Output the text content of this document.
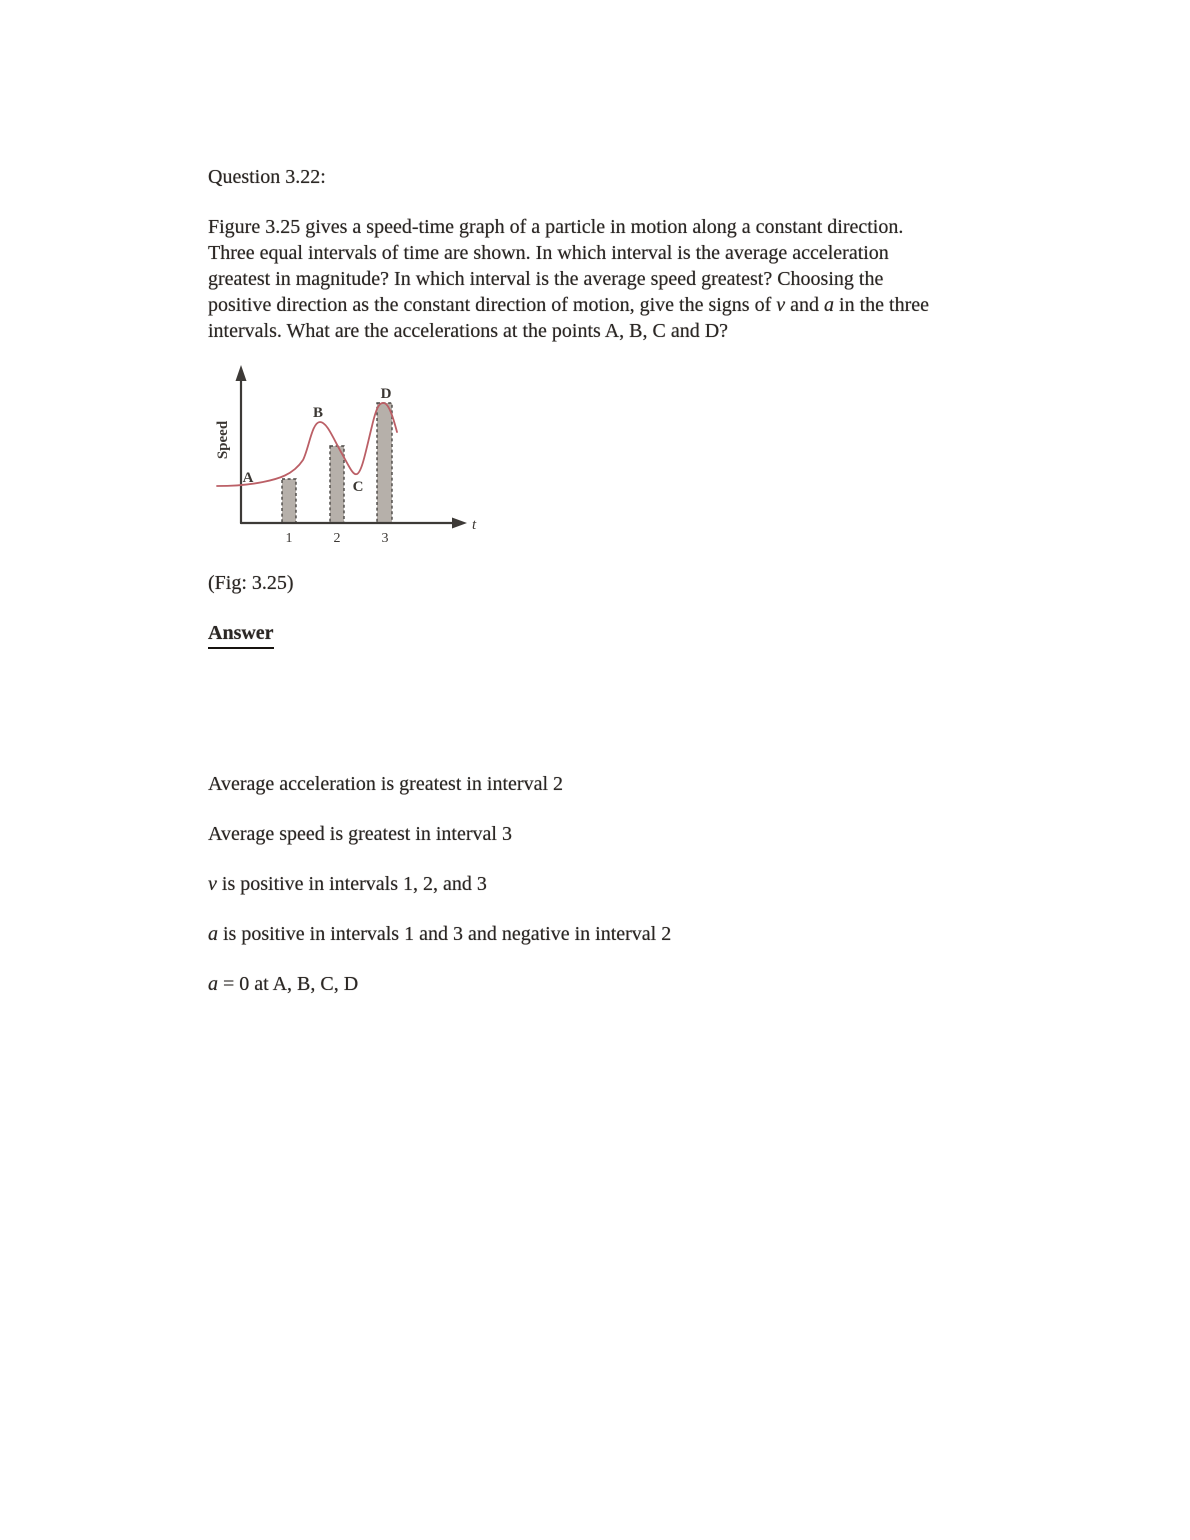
Question 3.22:
Figure 3.25 gives a speed-time graph of a particle in motion along a constant direction.
Three equal intervals of time are shown. In which interval is the average acceleration
greatest in magnitude? In which interval is the average speed greatest? Choosing the
positive direction as the constant direction of motion, give the signs of v and a in the three
intervals. What are the accelerations at the points A, B, C and D?
Speed
t
A
B
C
D
1	2	3
(Fig: 3.25)
Answer
Average acceleration is greatest in interval 2
Average speed is greatest in interval 3
v is positive in intervals 1, 2, and 3
a is positive in intervals 1 and 3 and negative in interval 2
a = 0 at A, B, C, D
